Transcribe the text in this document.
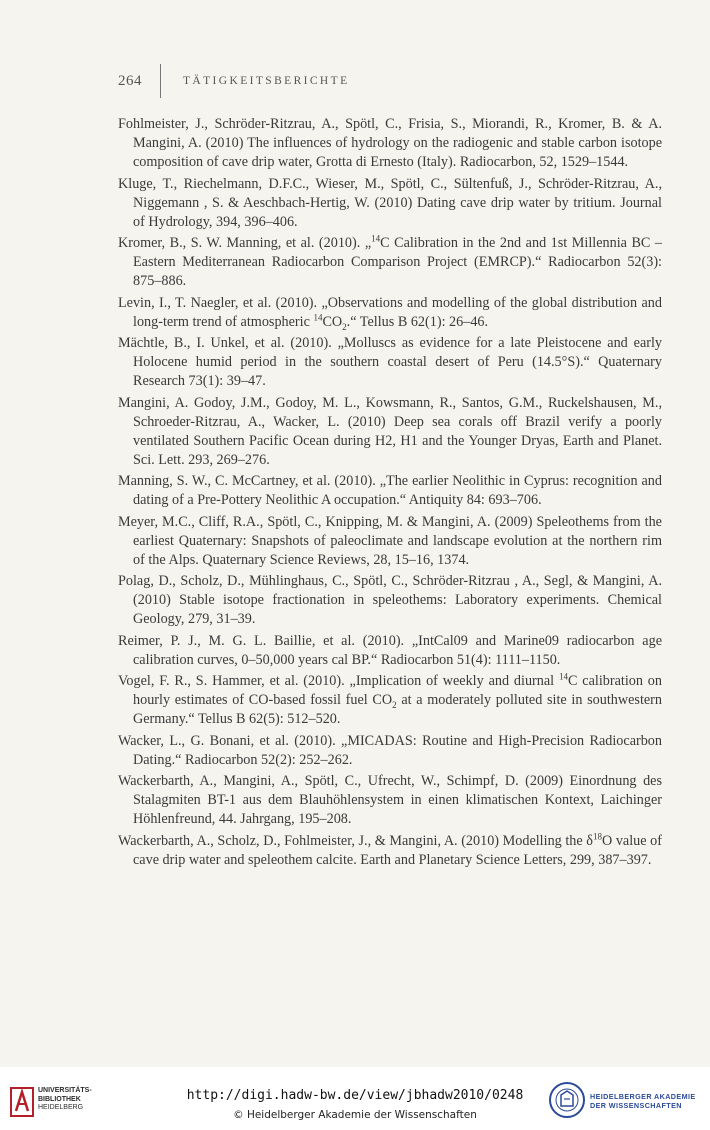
264	TÄTIGKEITSBERICHTE

Fohlmeister, J., Schröder-Ritzrau, A., Spötl, C., Frisia, S., Miorandi, R., Kromer, B. & A. Mangini, A. (2010) The influences of hydrology on the radiogenic and stable carbon isotope composition of cave drip water, Grotta di Ernesto (Italy). Radiocarbon, 52, 1529–1544.

Kluge, T., Riechelmann, D.F.C., Wieser, M., Spötl, C., Sültenfuß, J., Schröder-Ritzrau, A., Niggemann , S. & Aeschbach-Hertig, W. (2010) Dating cave drip water by tritium. Journal of Hydrology, 394, 396–406.

Kromer, B., S. W. Manning, et al. (2010). „$^{14}$C Calibration in the 2nd and 1st Millennia BC – Eastern Mediterranean Radiocarbon Comparison Project (EMRCP).“ Radiocarbon 52(3): 875–886.

Levin, I., T. Naegler, et al. (2010). „Observations and modelling of the global distribution and long-term trend of atmospheric $^{14}CO_2.“$ Tellus B 62(1): 26–46.

Mächtle, B., I. Unkel, et al. (2010). „Molluscs as evidence for a late Pleistocene and early Holocene humid period in the southern coastal desert of Peru (14.5°S).“ Quaternary Research 73(1): 39–47.

Mangini, A. Godoy, J.M., Godoy, M. L., Kowsmann, R., Santos, G.M., Ruckelshausen, M., Schroeder-Ritzrau, A., Wacker, L. (2010) Deep sea corals off Brazil verify a poorly ventilated Southern Pacific Ocean during H2, H1 and the Younger Dryas, Earth and Planet. Sci. Lett. 293, 269–276.

Manning, S. W., C. McCartney, et al. (2010). „The earlier Neolithic in Cyprus: recognition and dating of a Pre-Pottery Neolithic A occupation.“ Antiquity 84: 693–706.

Meyer, M.C., Cliff, R.A., Spötl, C., Knipping, M. & Mangini, A. (2009) Speleothems from the earliest Quaternary: Snapshots of paleoclimate and landscape evolution at the northern rim of the Alps. Quaternary Science Reviews, 28, 15–16, 1374.

Polag, D., Scholz, D., Mühlinghaus, C., Spötl, C., Schröder-Ritzrau , A., Segl, & Mangini, A. (2010) Stable isotope fractionation in speleothems: Laboratory experiments. Chemical Geology, 279, 31–39.

Reimer, P. J., M. G. L. Baillie, et al. (2010). „IntCal09 and Marine09 radiocarbon age calibration curves, 0–50,000 years cal BP.“ Radiocarbon 51(4): 1111–1150.

Vogel, F. R., S. Hammer, et al. (2010). „Implication of weekly and diurnal $^{14}$C calibration on hourly estimates of CO-based fossil fuel $CO_2$ at a moderately polluted site in southwestern Germany.“ Tellus B 62(5): 512–520.

Wacker, L., G. Bonani, et al. (2010). „MICADAS: Routine and High-Precision Radiocarbon Dating.“ Radiocarbon 52(2): 252–262.

Wackerbarth, A., Mangini, A., Spötl, C., Ufrecht, W., Schimpf, D. (2009) Einordnung des Stalagmiten BT-1 aus dem Blauhöhlensystem in einen klimatischen Kontext, Laichinger Höhlenfreund, 44. Jahrgang, 195–208.

Wackerbarth, A., Scholz, D., Fohlmeister, J., & Mangini, A. (2010) Modelling the $\delta^{18}O$ value of cave drip water and speleothem calcite. Earth and Planetary Science Letters, 299, 387–397.

UNIVERSITÄTS-
BIBLIOTHEK
HEIDELBERG
http://digi.hadw-bw.de/view/jbhadw2010/0248
© Heidelberger Akademie der Wissenschaften
HEIDELBERGER AKADEMIE
DER WISSENSCHAFTEN
